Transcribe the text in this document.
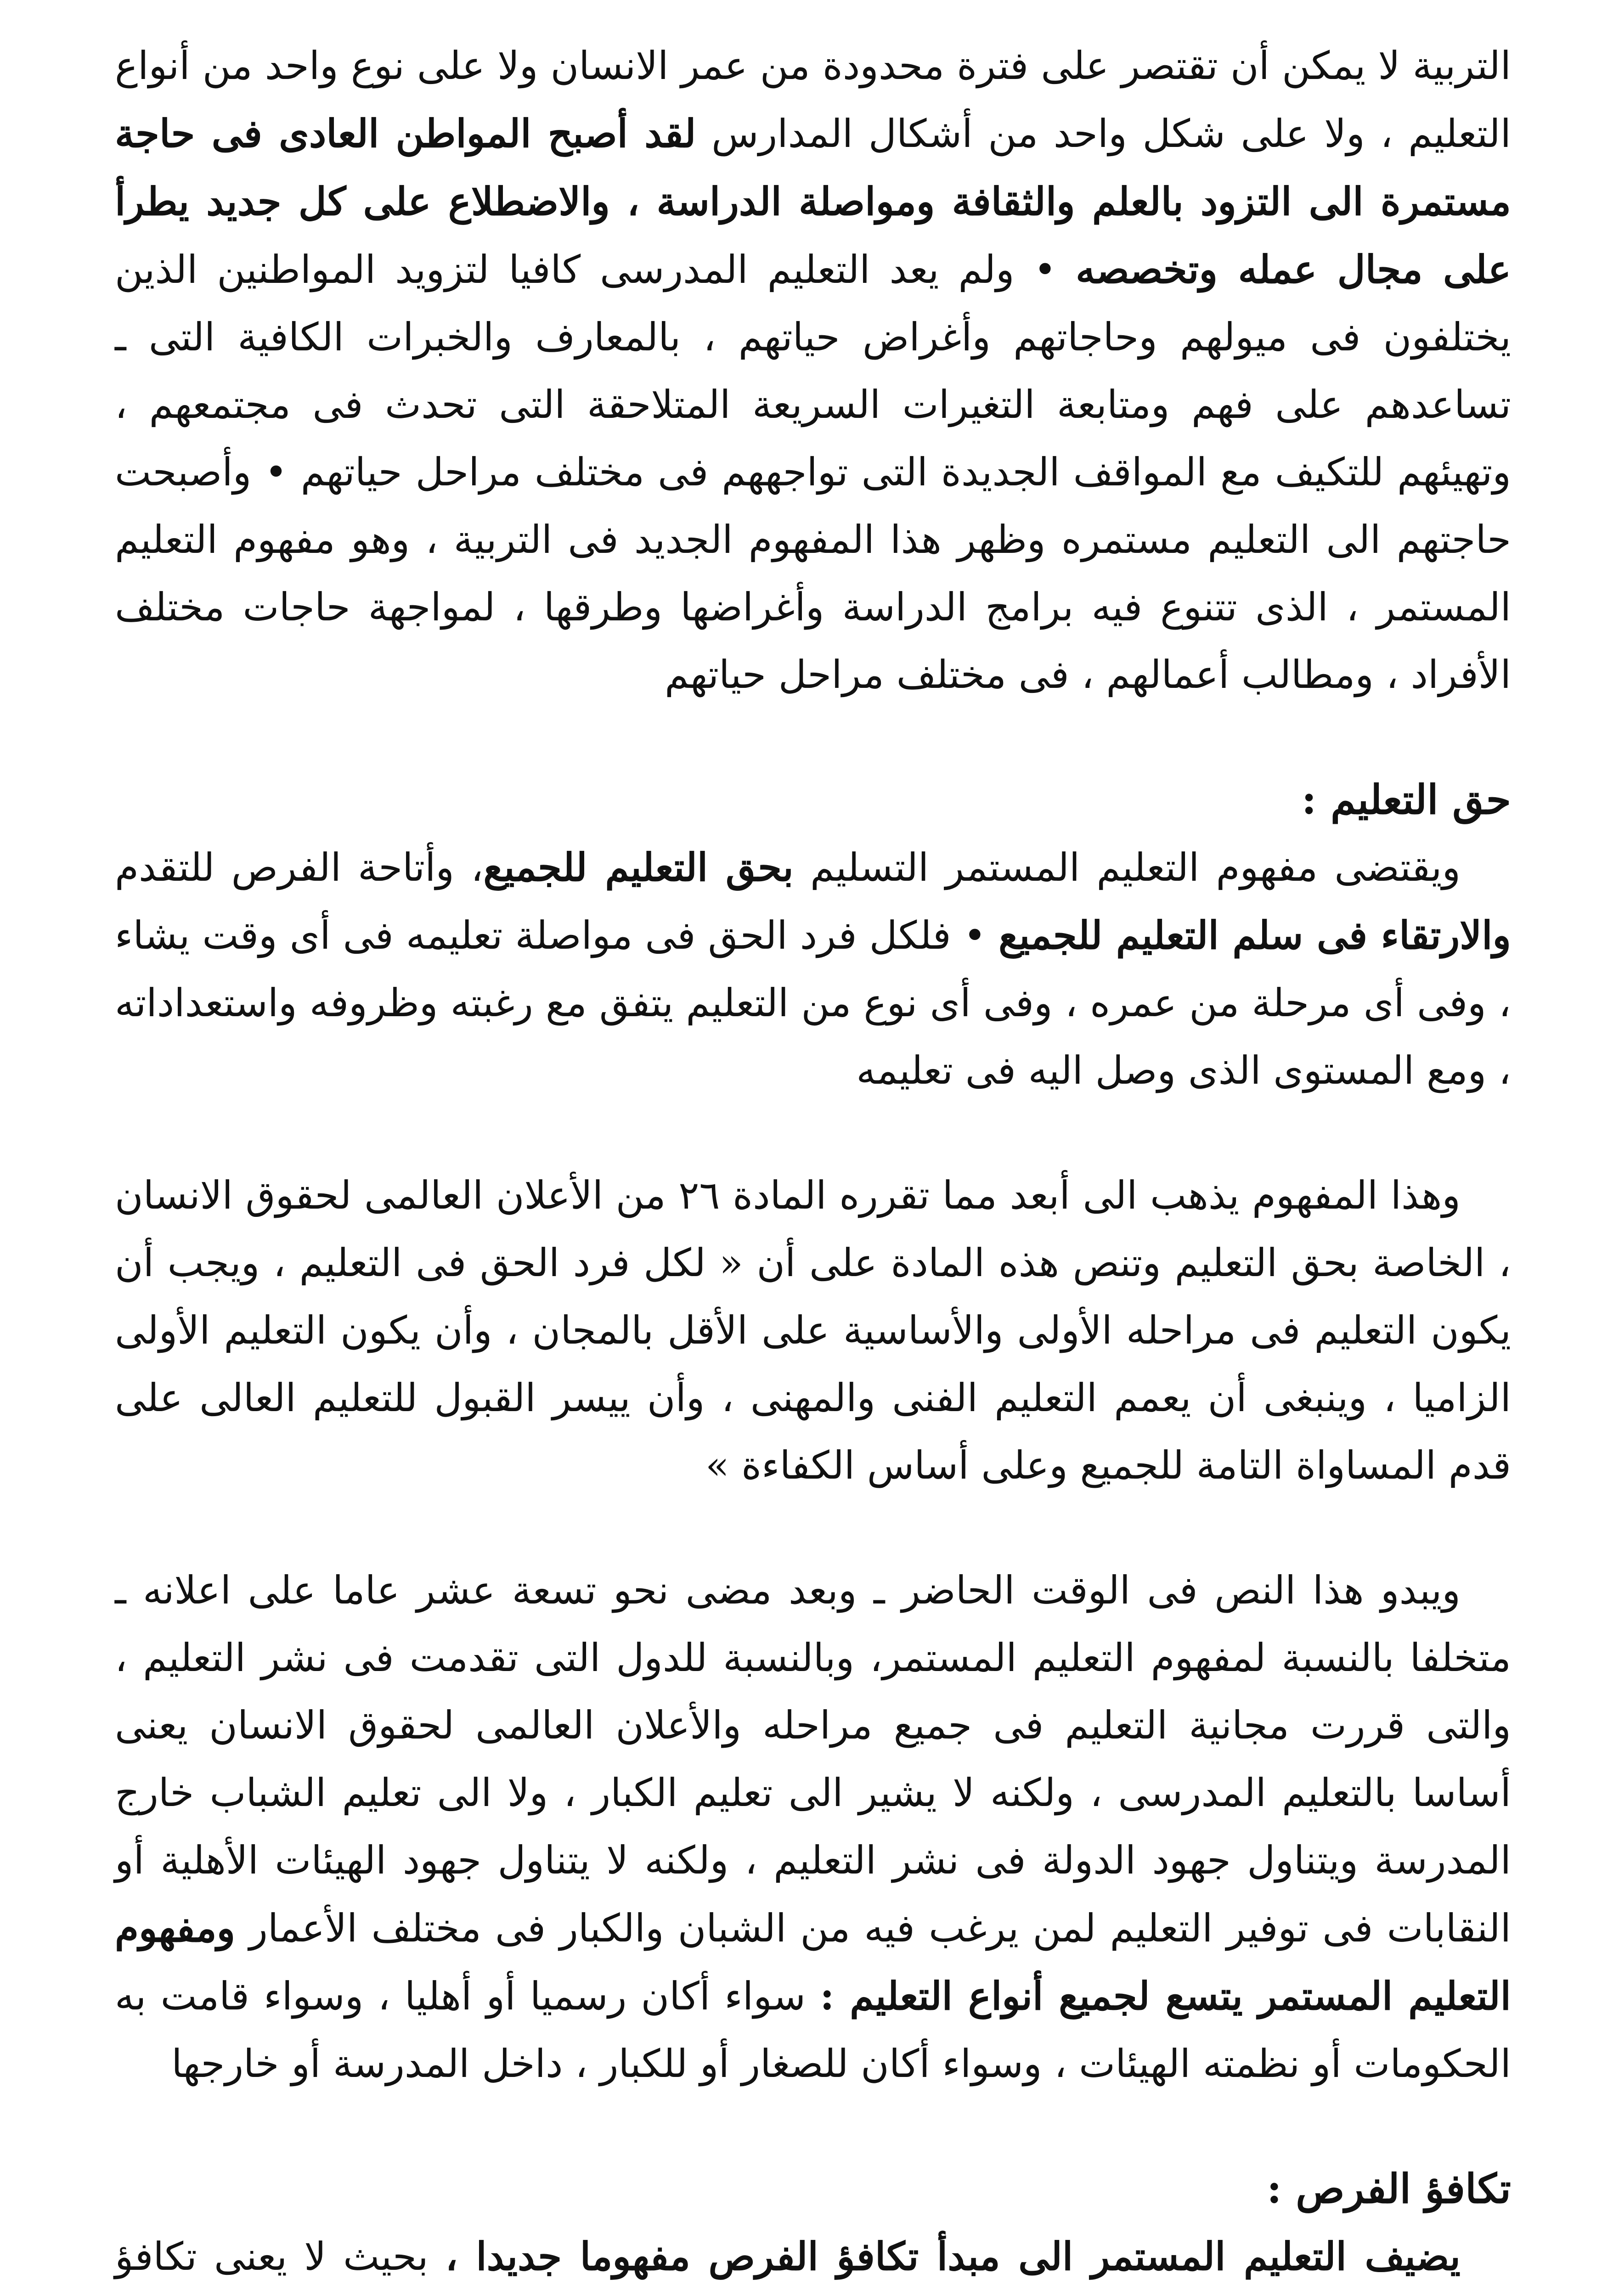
التربية لا يمكن أن تقتصر على فترة محدودة من عمر الانسان ولا على نوع واحد من أنواع التعليم ، ولا على شكل واحد من أشكال المدارس لقد أصبح المواطن العادى فى حاجة مستمرة الى التزود بالعلم والثقافة ومواصلة الدراسة ، والاضطلاع على كل جديد يطرأ على مجال عمله وتخصصه • ولم يعد التعليم المدرسى كافيا لتزويد المواطنين الذين يختلفون فى ميولهم وحاجاتهم وأغراض حياتهم ، بالمعارف والخبرات الكافية التى ـ تساعدهم على فهم ومتابعة التغيرات السريعة المتلاحقة التى تحدث فى مجتمعهم ، وتهيئهم للتكيف مع المواقف الجديدة التى تواجههم فى مختلف مراحل حياتهم • وأصبحت حاجتهم الى التعليم مستمره وظهر هذا المفهوم الجديد فى التربية ، وهو مفهوم التعليم المستمر ، الذى تتنوع فيه برامج الدراسة وأغراضها وطرقها ، لمواجهة حاجات مختلف الأفراد ، ومطالب أعمالهم ، فى مختلف مراحل حياتهم

حق التعليم :

ويقتضى مفهوم التعليم المستمر التسليم بحق التعليم للجميع، وأتاحة الفرص للتقدم والارتقاء فى سلم التعليم للجميع • فلكل فرد الحق فى مواصلة تعليمه فى أى وقت يشاء ، وفى أى مرحلة من عمره ، وفى أى نوع من التعليم يتفق مع رغبته وظروفه واستعداداته ، ومع المستوى الذى وصل اليه فى تعليمه

وهذا المفهوم يذهب الى أبعد مما تقرره المادة ٢٦ من الأعلان العالمى لحقوق الانسان ، الخاصة بحق التعليم وتنص هذه المادة على أن « لكل فرد الحق فى التعليم ، ويجب أن يكون التعليم فى مراحله الأولى والأساسية على الأقل بالمجان ، وأن يكون التعليم الأولى الزاميا ، وينبغى أن يعمم التعليم الفنى والمهنى ، وأن ييسر القبول للتعليم العالى على قدم المساواة التامة للجميع وعلى أساس الكفاءة »

ويبدو هذا النص فى الوقت الحاضر ـ وبعد مضى نحو تسعة عشر عاما على اعلانه ـ متخلفا بالنسبة لمفهوم التعليم المستمر، وبالنسبة للدول التى تقدمت فى نشر التعليم ، والتى قررت مجانية التعليم فى جميع مراحله والأعلان العالمى لحقوق الانسان يعنى أساسا بالتعليم المدرسى ، ولكنه لا يشير الى تعليم الكبار ، ولا الى تعليم الشباب خارج المدرسة ويتناول جهود الدولة فى نشر التعليم ، ولكنه لا يتناول جهود الهيئات الأهلية أو النقابات فى توفير التعليم لمن يرغب فيه من الشبان والكبار فى مختلف الأعمار ومفهوم التعليم المستمر يتسع لجميع أنواع التعليم : سواء أكان رسميا أو أهليا ، وسواء قامت به الحكومات أو نظمته الهيئات ، وسواء أكان للصغار أو للكبار ، داخل المدرسة أو خارجها

تكافؤ الفرص :

يضيف التعليم المستمر الى مبدأ تكافؤ الفرص مفهوما جديدا ، بحيث لا يعنى تكافؤ
